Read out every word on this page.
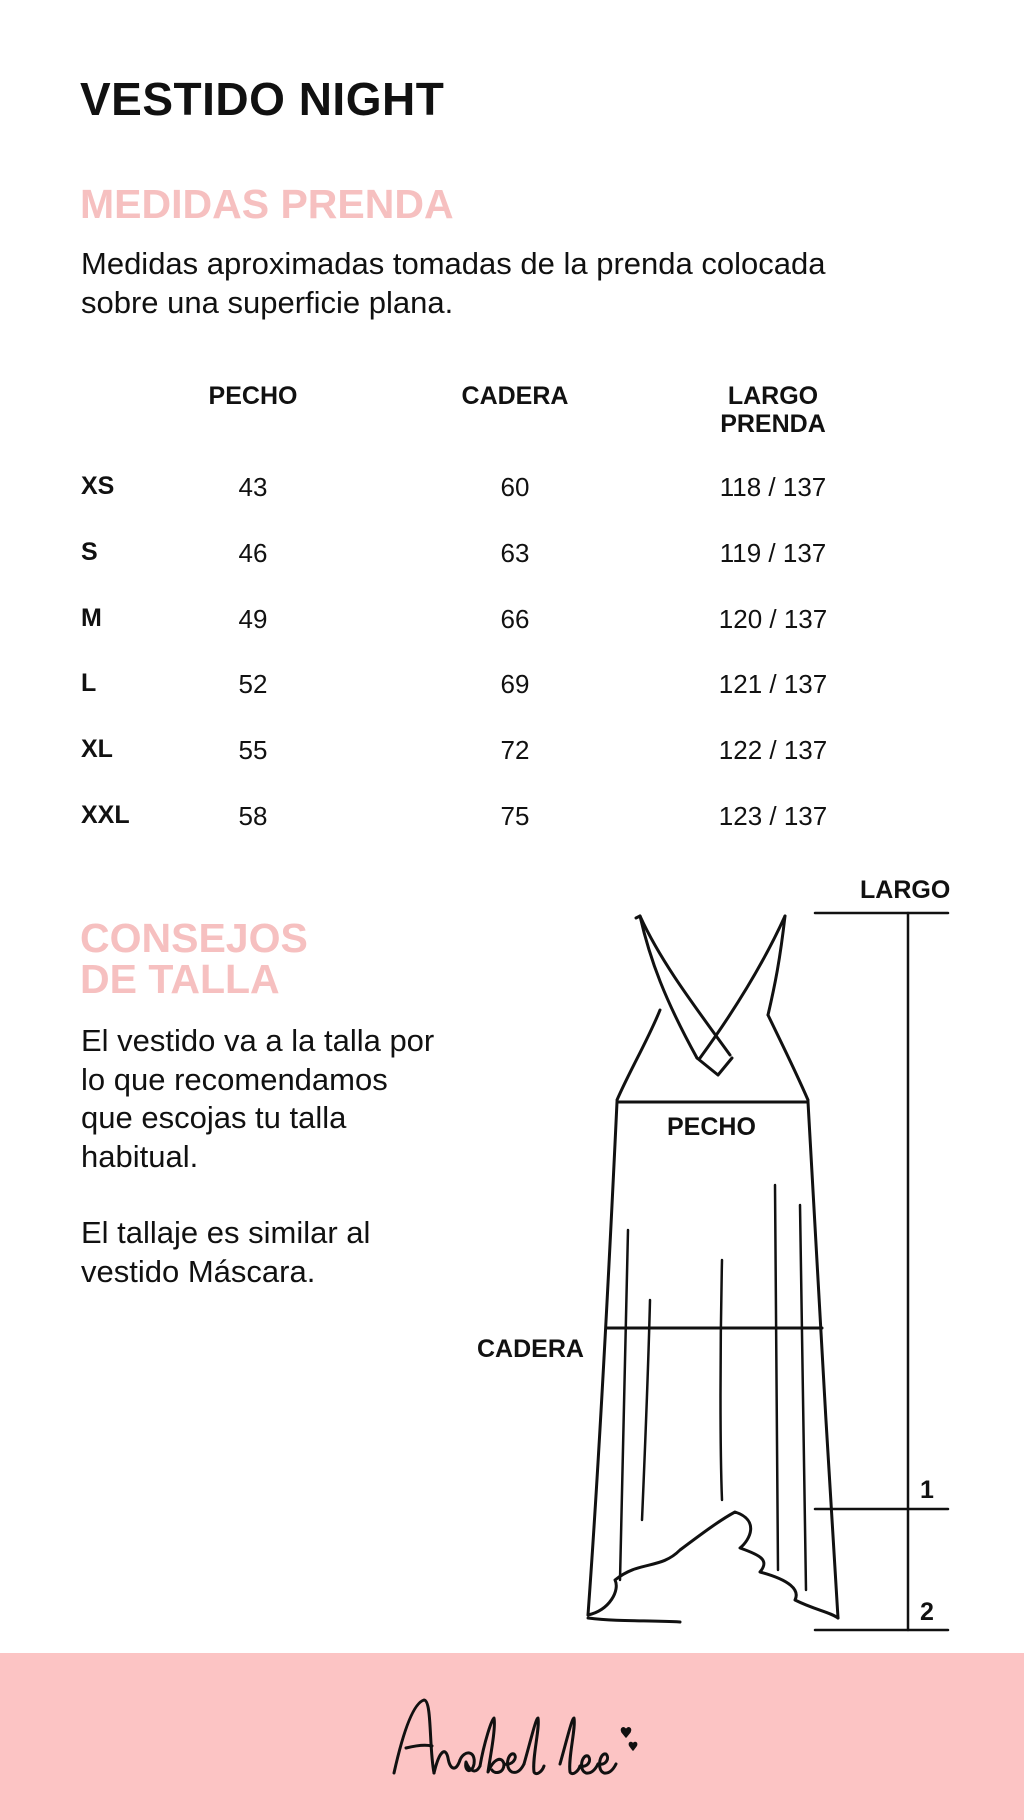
VESTIDO NIGHT
MEDIDAS PRENDA

Medidas aproximadas tomadas de la prenda colocada sobre una superficie plana.

PECHO	CADERA	LARGO PRENDA
XS	43	60	118 / 137
S	46	63	119 / 137
M	49	66	120 / 137
L	52	69	121 / 137
XL	55	72	122 / 137
XXL	58	75	123 / 137
CONSEJOS
DE TALLA

El vestido va a la talla por lo que recomendamos que escojas tu talla habitual.

El tallaje es similar al vestido Máscara.

LARGO
PECHO
CADERA
1
2
